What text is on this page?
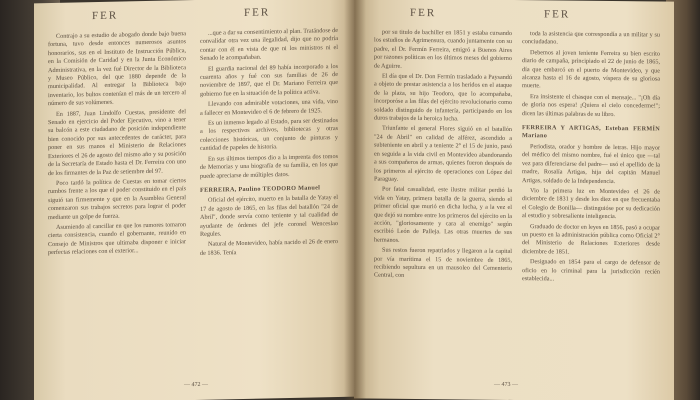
FER	FER

Contrajo a su estudio de abogado donde bajo buena fortuna, tuvo desde entonces numerosos asuntos honorarios, sus en el Instituto de Instrucción Pública, en la Comisión de Caridad y en la Junta Económico Administrativa, en la vez fué Director de la Biblioteca y Museo Público, del que 1880 depende de la municipalidad. Al entregar la Biblioteca bajo inventario, los bultos contenían el más de un tercero al número de sus volúmenes.

En 1887, Juan Lindolfo Cuestas, presidente del Senado en ejercicio del Poder Ejecutivo, vino a tener su balcón a este ciudadano de posición independiente bien conocido por sus antecedentes de carácter, para poner en sus manos el Ministerio de Relaciones Exteriores el 26 de agosto del mismo año y su posición de la Secretaría de Estado hasta el Dr. Ferreira con uno de los firmantes de la Paz de setiembre del 97.

Poco tardó la política de Cuestas en tomar ciertos rumbos frente a los que el poder constituido en el país siguió tan firmemente y que en la Asamblea General comenzaron sus trabajos secretos para lograr el poder mediante un golpe de fuerza.

Asumiendo al cancillar en que los rumores tomaron cierta consistencia, cuando el gobernante, reunido en Consejo de Ministros que ultimaba disponer e iniciar perfectas relaciones con el exterior...

...que a dar su consentimiento al plan. Tratándose de convalidar otra vez una ilegalidad, dijo que no podría contar con él en vista de que ni los ministros ni el Senado le acompañaban.

El guardia nacional del 89 había incorporado a los cuarenta años y fué con sus familias de 26 de noviembre de 1897, que el Dr. Mariano Ferreira que gobierno fue en la situación de la política activa.

Llevando con admirable votaciones, una vida, vino a fallecer en Montevideo el 6 de febrero de 1925.

Es un inmenso legado al Estado, para ser destinados a los respectivos archivos, bibliotecas y otras colecciones históricas, un conjunto de pinturas y cantidad de papeles de historia.

En sus últimos tiempos dio a la imprenta dos tomos de Memorias y una biografía de su familia, en los que puede apreciarse de múltiples datos.

FERREIRA, Paulino TEODORO Manuel

Oficial del ejército, muerto en la batalla de Yatay el 17 de agosto de 1865, en las filas del batallón "24 de Abril", donde servía como teniente y tal cualidad de ayudante de órdenes del jefe coronel Wenceslao Regules.

Natural de Montevideo, había nacido el 26 de enero de 1836. Tenía

— 472 —
FER	FER

por su titulo de bachiller en 1851 y estaba cursando los estudios de Agrimensura, cuando juntamente con su padre, el Dr. Fermín Ferreira, emigró a Buenos Aires por razones políticas en los últimos meses del gobierno de Aguirre.

El día que el Dr. Don Fermín trasladado a Paysandú a objeto de prestar asistencia a los heridos en el ataque de la plaza, su hijo Teodoro, que lo acompañaba, incorporóse a las filas del ejército revolucionario como soldado distinguido de infantería, participando en los duros trabajos de la heroica lucha.

Triunfante el general Flores siguió en el batallón "24 de Abril" en calidad de alférez, ascendido a subteniente en abril y a teniente 2° el 15 de junio, pasó en seguida a la vida civil en Montevideo abandonando a sus compañeros de armas, quienes fueron después de los primeros al ejército de operaciones con López del Paraguay.

Por fatal casualidad, este ilustre militar perdió la vida en Yatay, primera batalla de la guerra, siendo el primer oficial que murió en dicha lucha, y a la vez el que dejó su nombre entre los primeros del ejército en la acción, "gloriosamente y cara al enemigo" según escribió León de Palleja. Las otras muertes de sus hermanos.

Sus restos fueron repatriados y llegaron a la capital por vía marítima el 15 de noviembre de 1865, recibiendo sepultura en un mausoleo del Cementerio Central, con

toda la asistencia que correspondía a un militar y su conciudadano.

Debemos al joven teniente Ferreira su bien escrito diario de campaña, principiado el 22 de junio de 1865, día que embarcó en el puerto de Montevideo, y que alcanza hasta el 16 de agosto, víspera de su gloriosa muerte.

Era insistente el chasque con el mensaje... "¡Oh día de gloria nos espera! ¡Quiera el cielo concederme!"; dicen las últimas palabras de su libro.

FERREIRA Y ARTIGAS, Esteban FERMÍN Mariano

Periodista, orador y hombre de letras. Hijo mayor del médico del mismo nombre, fué el único que —tal vez para diferenciarse del padre— usó el apellido de la madre, Rosalía Artigas, hija del capitán Manuel Artigas, soldado de la Independencia.

Vio la primera luz en Montevideo el 26 de diciembre de 1831 y desde los diez en que frecuentaba el Colegio de Bonilla— distinguióse por su dedicación al estudio y sobresaliente inteligencia.

Graduado de doctor en leyes en 1856, pasó a ocupar un puesto en la administración pública como Oficial 2° del Ministerio de Relaciones Exteriores desde diciembre de 1851.

Designado en 1854 para el cargo de defensor de oficio en lo criminal para la jurisdicción recién establecida...

— 473 —
